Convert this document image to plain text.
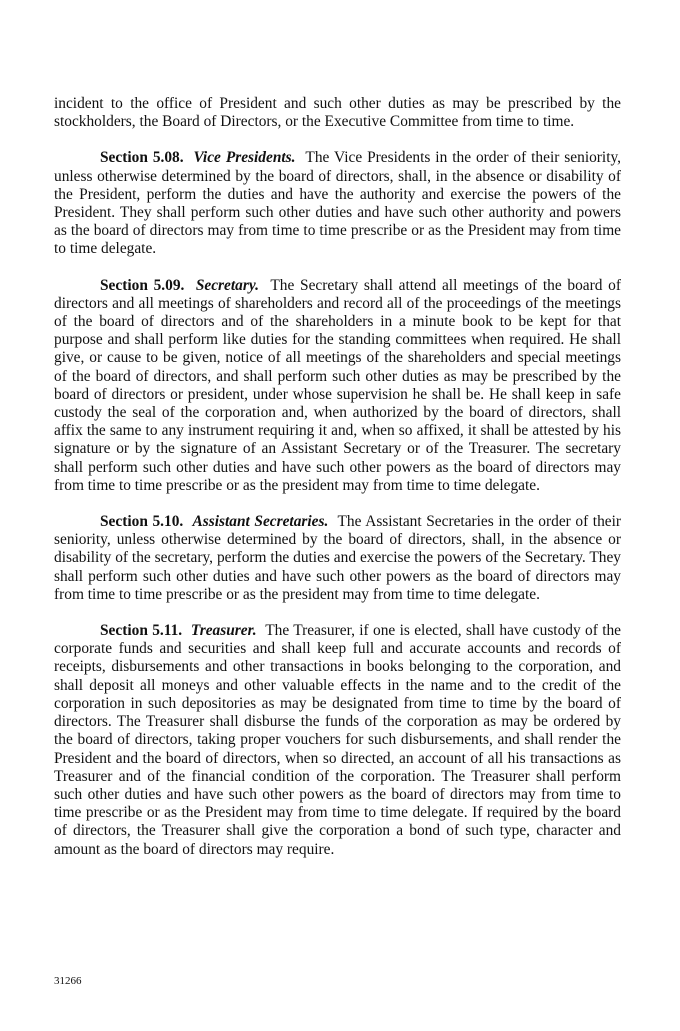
incident to the office of President and such other duties as may be prescribed by the stockholders, the Board of Directors, or the Executive Committee from time to time.

Section 5.08. Vice Presidents. The Vice Presidents in the order of their seniority, unless otherwise determined by the board of directors, shall, in the absence or disability of the President, perform the duties and have the authority and exercise the powers of the President. They shall perform such other duties and have such other authority and powers as the board of directors may from time to time prescribe or as the President may from time to time delegate.

Section 5.09. Secretary. The Secretary shall attend all meetings of the board of directors and all meetings of shareholders and record all of the proceedings of the meetings of the board of directors and of the shareholders in a minute book to be kept for that purpose and shall perform like duties for the standing committees when required. He shall give, or cause to be given, notice of all meetings of the shareholders and special meetings of the board of directors, and shall perform such other duties as may be prescribed by the board of directors or president, under whose supervision he shall be. He shall keep in safe custody the seal of the corporation and, when authorized by the board of directors, shall affix the same to any instrument requiring it and, when so affixed, it shall be attested by his signature or by the signature of an Assistant Secretary or of the Treasurer. The secretary shall perform such other duties and have such other powers as the board of directors may from time to time prescribe or as the president may from time to time delegate.

Section 5.10. Assistant Secretaries. The Assistant Secretaries in the order of their seniority, unless otherwise determined by the board of directors, shall, in the absence or disability of the secretary, perform the duties and exercise the powers of the Secretary. They shall perform such other duties and have such other powers as the board of directors may from time to time prescribe or as the president may from time to time delegate.

Section 5.11. Treasurer. The Treasurer, if one is elected, shall have custody of the corporate funds and securities and shall keep full and accurate accounts and records of receipts, disbursements and other transactions in books belonging to the corporation, and shall deposit all moneys and other valuable effects in the name and to the credit of the corporation in such depositories as may be designated from time to time by the board of directors. The Treasurer shall disburse the funds of the corporation as may be ordered by the board of directors, taking proper vouchers for such disbursements, and shall render the President and the board of directors, when so directed, an account of all his transactions as Treasurer and of the financial condition of the corporation. The Treasurer shall perform such other duties and have such other powers as the board of directors may from time to time prescribe or as the President may from time to time delegate. If required by the board of directors, the Treasurer shall give the corporation a bond of such type, character and amount as the board of directors may require.

31266
